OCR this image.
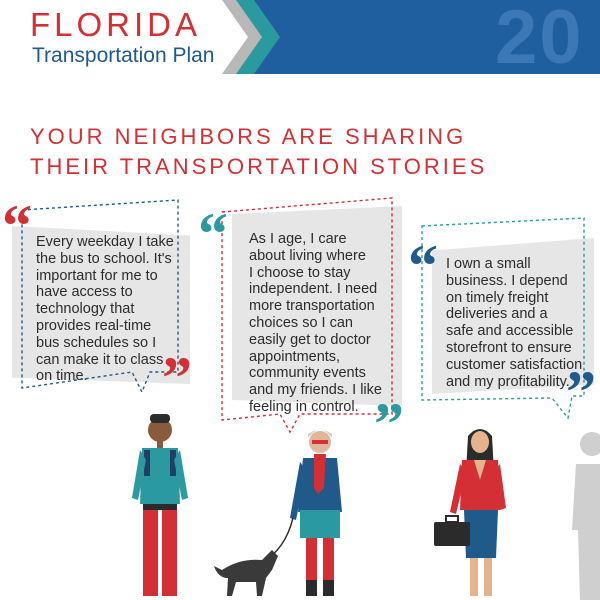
FLORIDA
Transportation Plan	20
YOUR NEIGHBORS ARE SHARING
THEIR TRANSPORTATION STORIES
Every weekday I take
the bus to school. It's
important for me to
have access to
technology that
provides real-time
bus schedules so I
can make it to class
on time.
As I age, I care
about living where
I choose to stay
independent. I need
more transportation
choices so I can
easily get to doctor
appointments,
community events
and my friends. I like
feeling in control.
I own a small
business. I depend
on timely freight
deliveries and a
safe and accessible
storefront to ensure
customer satisfaction
and my profitability.
“
”
“
”
“
”
